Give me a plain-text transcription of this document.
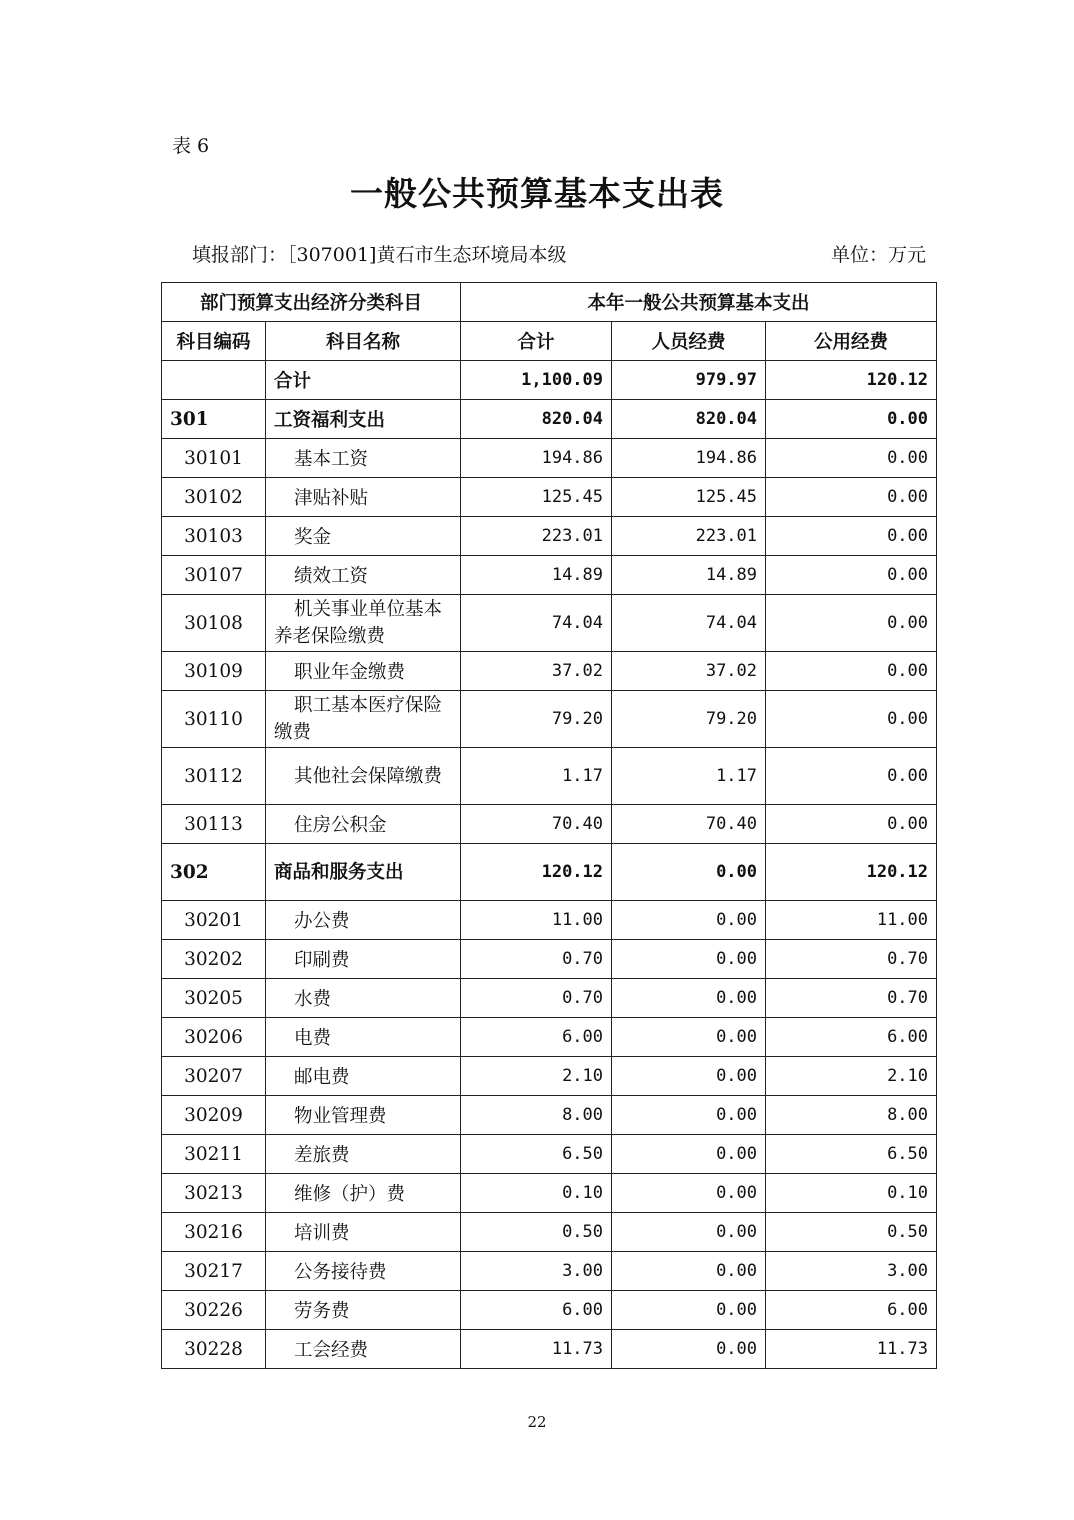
表 6
一般公共预算基本支出表
填报部门：［307001]黄石市生态环境局本级	单位：万元
部门预算支出经济分类科目		本年一般公共预算基本支出		
科目编码	科目名称	合计	人员经费	公用经费
	合计	1,100.09	979.97	120.12
301	工资福利支出	820.04	820.04	0.00
30101	基本工资	194.86	194.86	0.00
30102	津贴补贴	125.45	125.45	0.00
30103	奖金	223.01	223.01	0.00
30107	绩效工资	14.89	14.89	0.00
30108	机关事业单位基本养老保险缴费	74.04	74.04	0.00
30109	职业年金缴费	37.02	37.02	0.00
30110	职工基本医疗保险缴费	79.20	79.20	0.00
30112	其他社会保障缴费	1.17	1.17	0.00
30113	住房公积金	70.40	70.40	0.00
302	商品和服务支出	120.12	0.00	120.12
30201	办公费	11.00	0.00	11.00
30202	印刷费	0.70	0.00	0.70
30205	水费	0.70	0.00	0.70
30206	电费	6.00	0.00	6.00
30207	邮电费	2.10	0.00	2.10
30209	物业管理费	8.00	0.00	8.00
30211	差旅费	6.50	0.00	6.50
30213	维修（护）费	0.10	0.00	0.10
30216	培训费	0.50	0.00	0.50
30217	公务接待费	3.00	0.00	3.00
30226	劳务费	6.00	0.00	6.00
30228	工会经费	11.73	0.00	11.73
22
